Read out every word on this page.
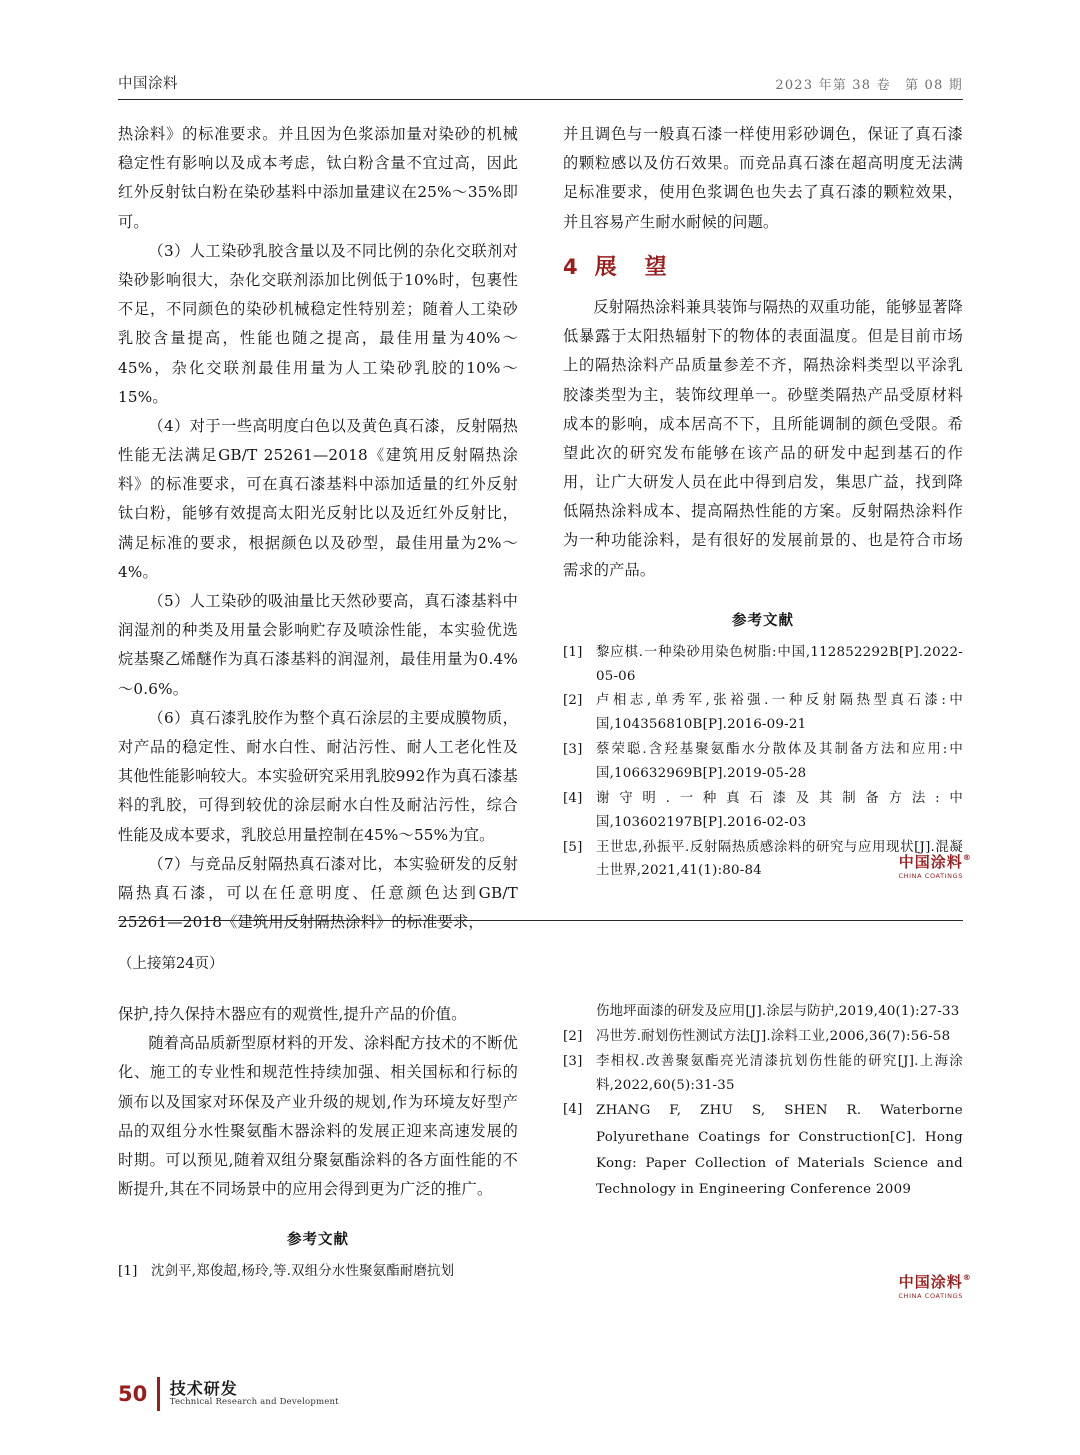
中国涂料	2023 年第 38 卷　第 08 期

热涂料》的标准要求。并且因为色浆添加量对染砂的机械稳定性有影响以及成本考虑，钛白粉含量不宜过高，因此红外反射钛白粉在染砂基料中添加量建议在25%～35%即可。

（3）人工染砂乳胶含量以及不同比例的杂化交联剂对染砂影响很大，杂化交联剂添加比例低于10%时，包裹性不足，不同颜色的染砂机械稳定性特别差；随着人工染砂乳胶含量提高，性能也随之提高，最佳用量为40%～45%，杂化交联剂最佳用量为人工染砂乳胶的10%～15%。

（4）对于一些高明度白色以及黄色真石漆，反射隔热性能无法满足GB/T 25261—2018《建筑用反射隔热涂料》的标准要求，可在真石漆基料中添加适量的红外反射钛白粉，能够有效提高太阳光反射比以及近红外反射比，满足标准的要求，根据颜色以及砂型，最佳用量为2%～4%。

（5）人工染砂的吸油量比天然砂要高，真石漆基料中润湿剂的种类及用量会影响贮存及喷涂性能，本实验优选烷基聚乙烯醚作为真石漆基料的润湿剂，最佳用量为0.4%～0.6%。

（6）真石漆乳胶作为整个真石涂层的主要成膜物质，对产品的稳定性、耐水白性、耐沾污性、耐人工老化性及其他性能影响较大。本实验研究采用乳胶992作为真石漆基料的乳胶，可得到较优的涂层耐水白性及耐沾污性，综合性能及成本要求，乳胶总用量控制在45%～55%为宜。

（7）与竞品反射隔热真石漆对比，本实验研发的反射隔热真石漆，可以在任意明度、任意颜色达到GB/T 25261—2018《建筑用反射隔热涂料》的标准要求，

并且调色与一般真石漆一样使用彩砂调色，保证了真石漆的颗粒感以及仿石效果。而竞品真石漆在超高明度无法满足标准要求，使用色浆调色也失去了真石漆的颗粒效果，并且容易产生耐水耐候的问题。

4 展　望

反射隔热涂料兼具装饰与隔热的双重功能，能够显著降低暴露于太阳热辐射下的物体的表面温度。但是目前市场上的隔热涂料产品质量参差不齐，隔热涂料类型以平涂乳胶漆类型为主，装饰纹理单一。砂壁类隔热产品受原材料成本的影响，成本居高不下，且所能调制的颜色受限。希望此次的研究发布能够在该产品的研发中起到基石的作用，让广大研发人员在此中得到启发，集思广益，找到降低隔热涂料成本、提高隔热性能的方案。反射隔热涂料作为一种功能涂料，是有很好的发展前景的、也是符合市场需求的产品。

参考文献
[1]	黎应棋.一种染砂用染色树脂:中国,112852292B[P].2022-05-06
[2]	卢相志,单秀军,张裕强.一种反射隔热型真石漆:中国,104356810B[P].2016-09-21
[3]	蔡荣聪.含羟基聚氨酯水分散体及其制备方法和应用:中国,106632969B[P].2019-05-28
[4]	谢守明.一种真石漆及其制备方法:中国,103602197B[P].2016-02-03
[5]	王世忠,孙振平.反射隔热质感涂料的研究与应用现状[J].混凝土世界,2021,41(1):80-84	中国涂料 ®
CHINA COATINGS
（上接第24页）

保护,持久保持木器应有的观赏性,提升产品的价值。

随着高品质新型原材料的开发、涂料配方技术的不断优化、施工的专业性和规范性持续加强、相关国标和行标的颁布以及国家对环保及产业升级的规划,作为环境友好型产品的双组分水性聚氨酯木器涂料的发展正迎来高速发展的时期。可以预见,随着双组分聚氨酯涂料的各方面性能的不断提升,其在不同场景中的应用会得到更为广泛的推广。

参考文献
[1]	沈剑平,郑俊超,杨玲,等.双组分水性聚氨酯耐磨抗划
伤地坪面漆的研发及应用[J].涂层与防护,2019,40(1):27-33
[2]	冯世芳.耐划伤性测试方法[J].涂料工业,2006,36(7):56-58
[3]	李相权.改善聚氨酯亮光清漆抗划伤性能的研究[J].上海涂料,2022,60(5):31-35
[4]	ZHANG F, ZHU S, SHEN R. Waterborne Polyurethane Coatings for Construction[C]. Hong Kong: Paper Collection of Materials Science and Technology in Engineering Conference 2009
中国涂料 ®
CHINA COATINGS
50 技术研发
Technical Research and Development
